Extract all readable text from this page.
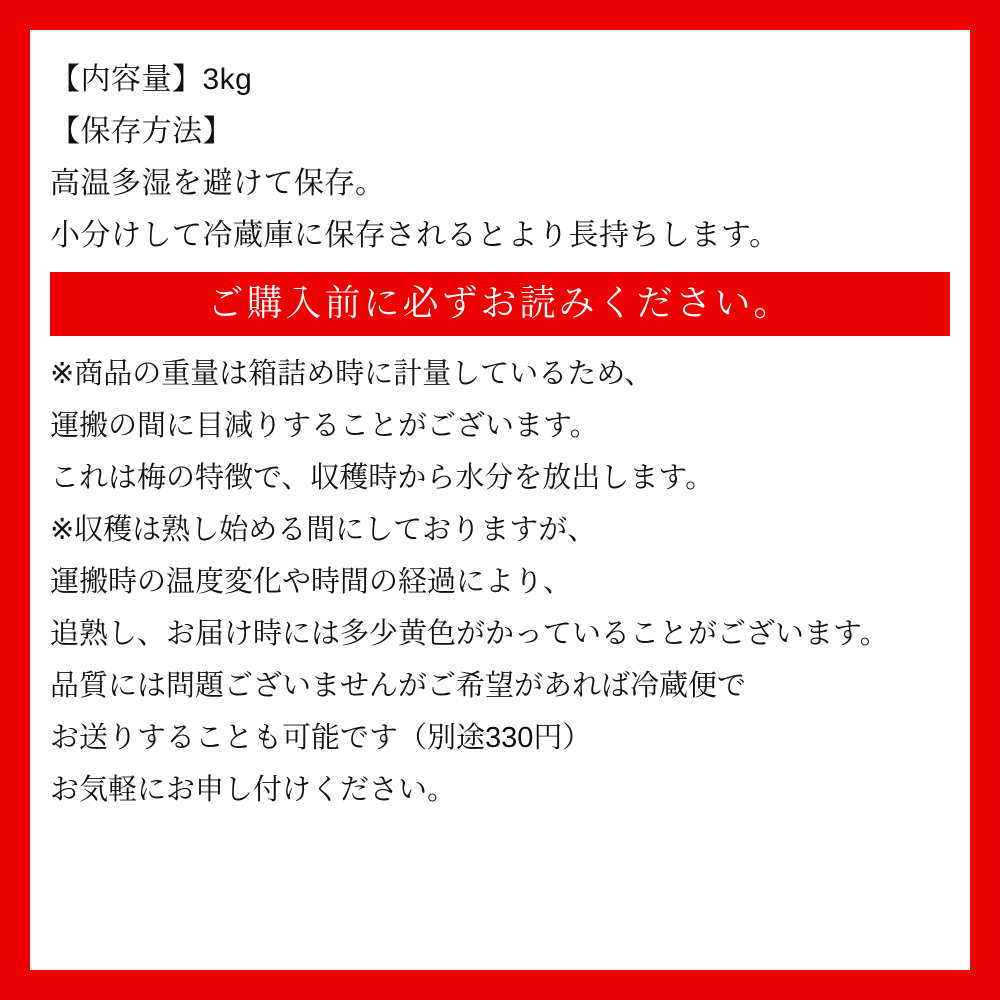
【内容量】3kg
【保存方法】
高温多湿を避けて保存。
小分けして冷蔵庫に保存されるとより長持ちします。
ご購入前に必ずお読みください。
※商品の重量は箱詰め時に計量しているため、
運搬の間に目減りすることがございます。
これは梅の特徴で、収穫時から水分を放出します。
※収穫は熟し始める間にしておりますが、
運搬時の温度変化や時間の経過により、
追熟し、お届け時には多少黄色がかっていることがございます。
品質には問題ございませんがご希望があれば冷蔵便で
お送りすることも可能です（別途330円）
お気軽にお申し付けください。
